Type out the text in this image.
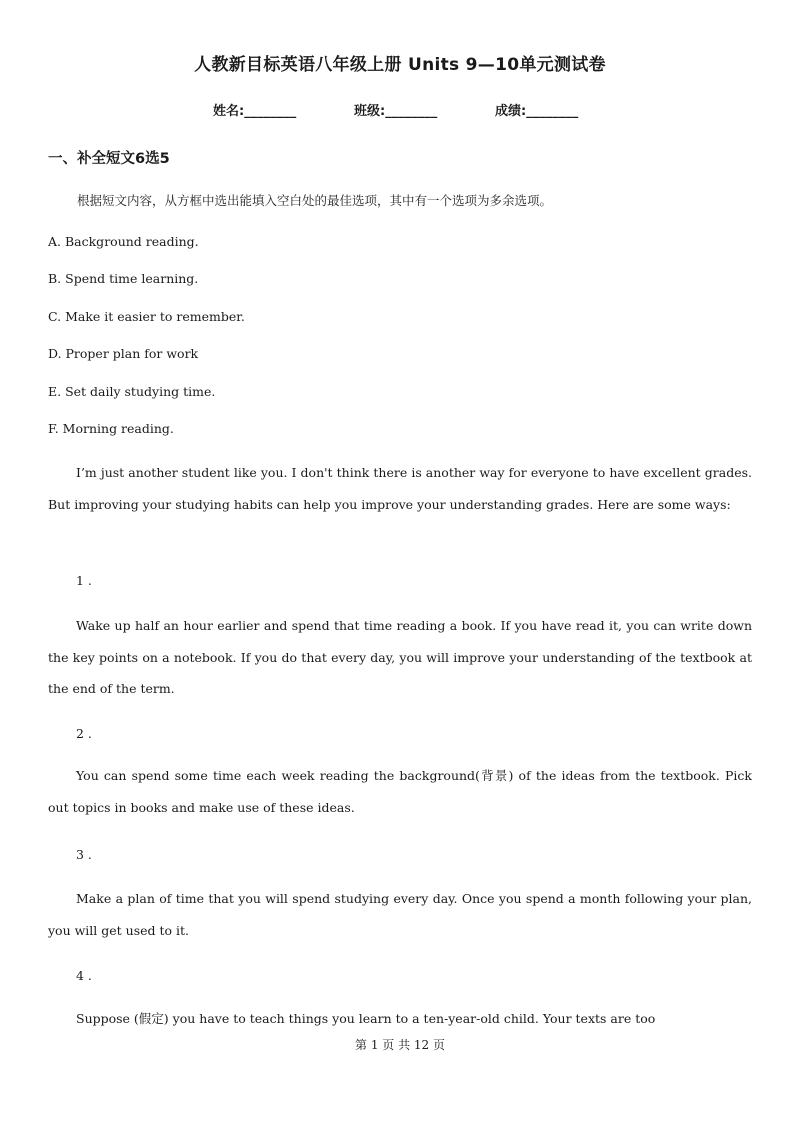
人教新目标英语八年级上册 Units 9—10单元测试卷
姓名:________	班级:________	成绩:________
一、补全短文6选5
根据短文内容，从方框中选出能填入空白处的最佳选项，其中有一个选项为多余选项。
A. Background reading.
B. Spend time learning.
C. Make it easier to remember.
D. Proper plan for work
E. Set daily studying time.
F. Morning reading.
I’m just another student like you. I don't think there is another way for everyone to have excellent grades. But improving your studying habits can help you improve your understanding grades. Here are some ways:
1 .
Wake up half an hour earlier and spend that time reading a book. If you have read it, you can write down the key points on a notebook. If you do that every day, you will improve your understanding of the textbook at the end of the term.
2 .
You can spend some time each week reading the background(背景) of the ideas from the textbook. Pick out topics in books and make use of these ideas.
3 .
Make a plan of time that you will spend studying every day. Once you spend a month following your plan, you will get used to it.
4 .
Suppose (假定) you have to teach things you learn to a ten-year-old child. Your texts are too
第 1 页 共 12 页
